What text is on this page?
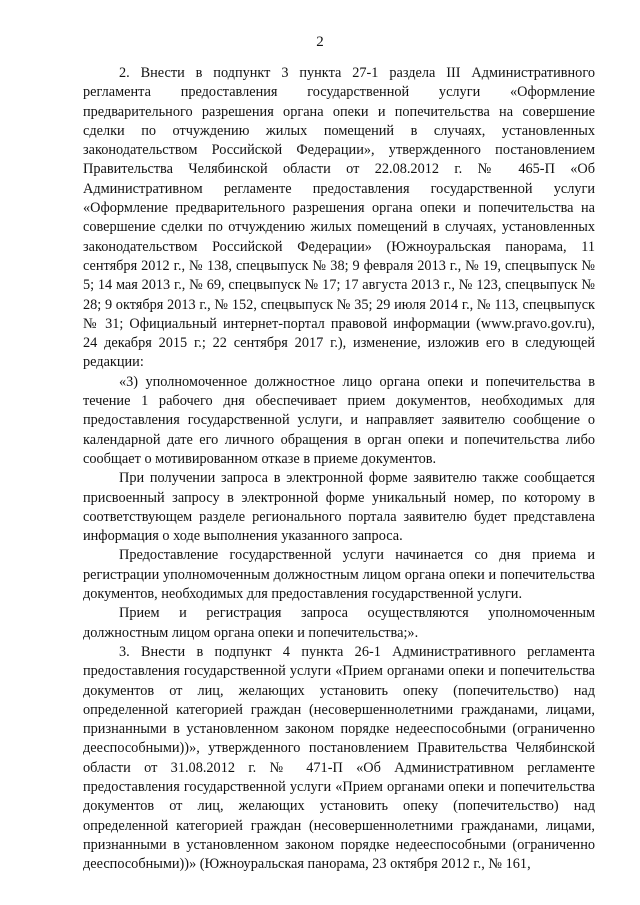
2

2. Внести в подпункт 3 пункта 27-1 раздела III Административного регламента предоставления государственной услуги «Оформление предварительного разрешения органа опеки и попечительства на совершение сделки по отчуждению жилых помещений в случаях, установленных законодательством Российской Федерации», утвержденного постановлением Правительства Челябинской области от 22.08.2012 г. № 465-П «Об Административном регламенте предоставления государственной услуги «Оформление предварительного разрешения органа опеки и попечительства на совершение сделки по отчуждению жилых помещений в случаях, установленных законодательством Российской Федерации» (Южноуральская панорама, 11 сентября 2012 г., № 138, спецвыпуск № 38; 9 февраля 2013 г., № 19, спецвыпуск № 5; 14 мая 2013 г., № 69, спецвыпуск № 17; 17 августа 2013 г., № 123, спецвыпуск № 28; 9 октября 2013 г., № 152, спецвыпуск № 35; 29 июля 2014 г., № 113, спецвыпуск № 31; Официальный интернет-портал правовой информации (www.pravo.gov.ru), 24 декабря 2015 г.; 22 сентября 2017 г.), изменение, изложив его в следующей редакции:

«3) уполномоченное должностное лицо органа опеки и попечительства в течение 1 рабочего дня обеспечивает прием документов, необходимых для предоставления государственной услуги, и направляет заявителю сообщение о календарной дате его личного обращения в орган опеки и попечительства либо сообщает о мотивированном отказе в приеме документов.

При получении запроса в электронной форме заявителю также сообщается присвоенный запросу в электронной форме уникальный номер, по которому в соответствующем разделе регионального портала заявителю будет представлена информация о ходе выполнения указанного запроса.

Предоставление государственной услуги начинается со дня приема и регистрации уполномоченным должностным лицом органа опеки и попечительства документов, необходимых для предоставления государственной услуги.

Прием и регистрация запроса осуществляются уполномоченным должностным лицом органа опеки и попечительства;».

3. Внести в подпункт 4 пункта 26-1 Административного регламента предоставления государственной услуги «Прием органами опеки и попечительства документов от лиц, желающих установить опеку (попечительство) над определенной категорией граждан (несовершеннолетними гражданами, лицами, признанными в установленном законом порядке недееспособными (ограниченно дееспособными))», утвержденного постановлением Правительства Челябинской области от 31.08.2012 г. № 471-П «Об Административном регламенте предоставления государственной услуги «Прием органами опеки и попечительства документов от лиц, желающих установить опеку (попечительство) над определенной категорией граждан (несовершеннолетними гражданами, лицами, признанными в установленном законом порядке недееспособными (ограниченно дееспособными))» (Южноуральская панорама, 23 октября 2012 г., № 161,
